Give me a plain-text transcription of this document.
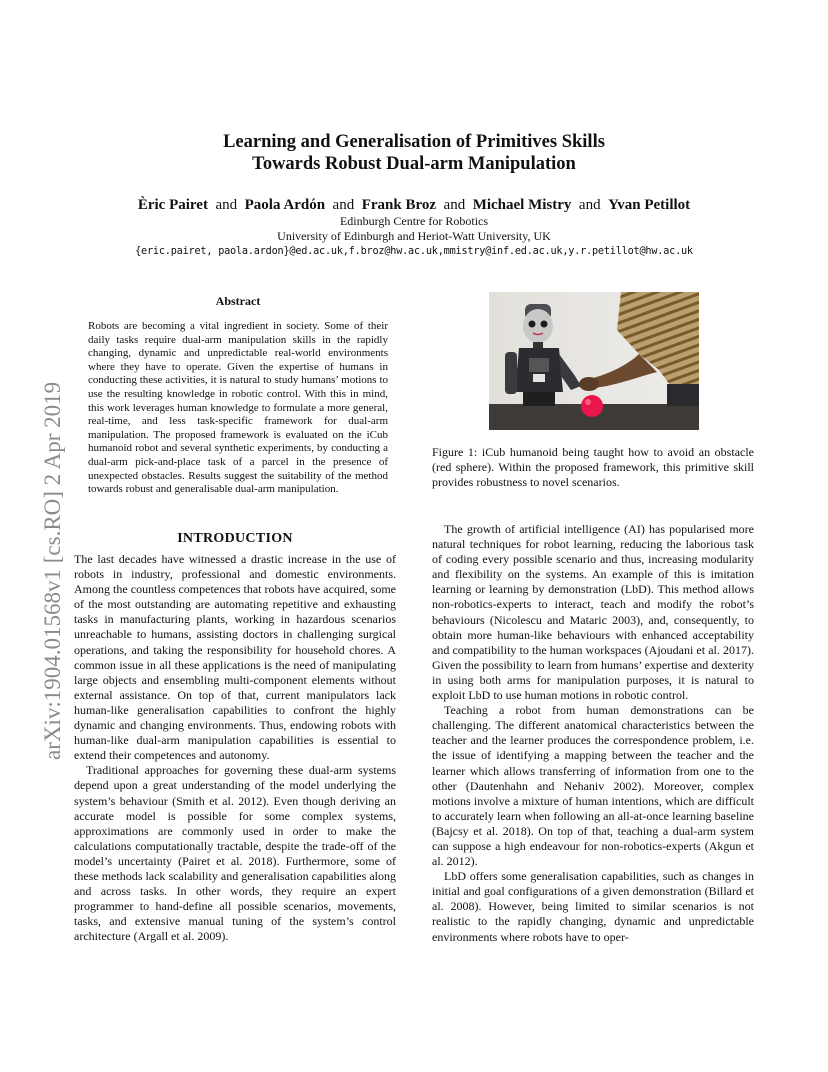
Learning and Generalisation of Primitives Skills
Towards Robust Dual-arm Manipulation
Èric Pairet and Paola Ardón and Frank Broz and Michael Mistry and Yvan Petillot
Edinburgh Centre for Robotics
University of Edinburgh and Heriot-Watt University, UK
{eric.pairet, paola.ardon}@ed.ac.uk,f.broz@hw.ac.uk,mmistry@inf.ed.ac.uk,y.r.petillot@hw.ac.uk
arXiv:1904.01568v1 [cs.RO] 2 Apr 2019
Abstract
Robots are becoming a vital ingredient in society. Some of their daily tasks require dual-arm manipulation skills in the rapidly changing, dynamic and unpredictable real-world environments where they have to operate. Given the expertise of humans in conducting these activities, it is natural to study humans’ motions to use the resulting knowledge in robotic control. With this in mind, this work leverages human knowledge to formulate a more general, real-time, and less task-specific framework for dual-arm manipulation. The proposed framework is evaluated on the iCub humanoid robot and several synthetic experiments, by conducting a dual-arm pick-and-place task of a parcel in the presence of unexpected obstacles. Results suggest the suitability of the method towards robust and generalisable dual-arm manipulation.
INTRODUCTION

The last decades have witnessed a drastic increase in the use of robots in industry, professional and domestic environments. Among the countless competences that robots have acquired, some of the most outstanding are automating repetitive and exhausting tasks in manufacturing plants, working in hazardous scenarios unreachable to humans, assisting doctors in challenging surgical operations, and taking the responsibility for household chores. A common issue in all these applications is the need of manipulating large objects and ensembling multi-component elements without external assistance. On top of that, current manipulators lack human-like generalisation capabilities to confront the highly dynamic and changing environments. Thus, endowing robots with human-like dual-arm manipulation capabilities is essential to extend their competences and autonomy.

Traditional approaches for governing these dual-arm systems depend upon a great understanding of the model underlying the system’s behaviour (Smith et al. 2012). Even though deriving an accurate model is possible for some complex systems, approximations are commonly used in order to make the calculations computationally tractable, despite the trade-off of the model’s uncertainty (Pairet et al. 2018). Furthermore, some of these methods lack scalability and generalisation capabilities along and across tasks. In other words, they require an expert programmer to hand-define all possible scenarios, movements, tasks, and extensive manual tuning of the system’s control architecture (Argall et al. 2009).

Figure 1: iCub humanoid being taught how to avoid an obstacle (red sphere). Within the proposed framework, this primitive skill provides robustness to novel scenarios.

The growth of artificial intelligence (AI) has popularised more natural techniques for robot learning, reducing the laborious task of coding every possible scenario and thus, increasing modularity and flexibility on the systems. An example of this is imitation learning or learning by demonstration (LbD). This method allows non-robotics-experts to interact, teach and modify the robot’s behaviours (Nicolescu and Mataric 2003), and, consequently, to obtain more human-like behaviours with enhanced acceptability and compatibility to the human workspaces (Ajoudani et al. 2017). Given the possibility to learn from humans’ expertise and dexterity in using both arms for manipulation purposes, it is natural to exploit LbD to use human motions in robotic control.

Teaching a robot from human demonstrations can be challenging. The different anatomical characteristics between the teacher and the learner produces the correspondence problem, i.e. the issue of identifying a mapping between the teacher and the learner which allows transferring of information from one to the other (Dautenhahn and Nehaniv 2002). Moreover, complex motions involve a mixture of human intentions, which are difficult to accurately learn when following an all-at-once learning baseline (Bajcsy et al. 2018). On top of that, teaching a dual-arm system can suppose a high endeavour for non-robotics-experts (Akgun et al. 2012).

LbD offers some generalisation capabilities, such as changes in initial and goal configurations of a given demonstration (Billard et al. 2008). However, being limited to similar scenarios is not realistic to the rapidly changing, dynamic and unpredictable environments where robots have to oper-
